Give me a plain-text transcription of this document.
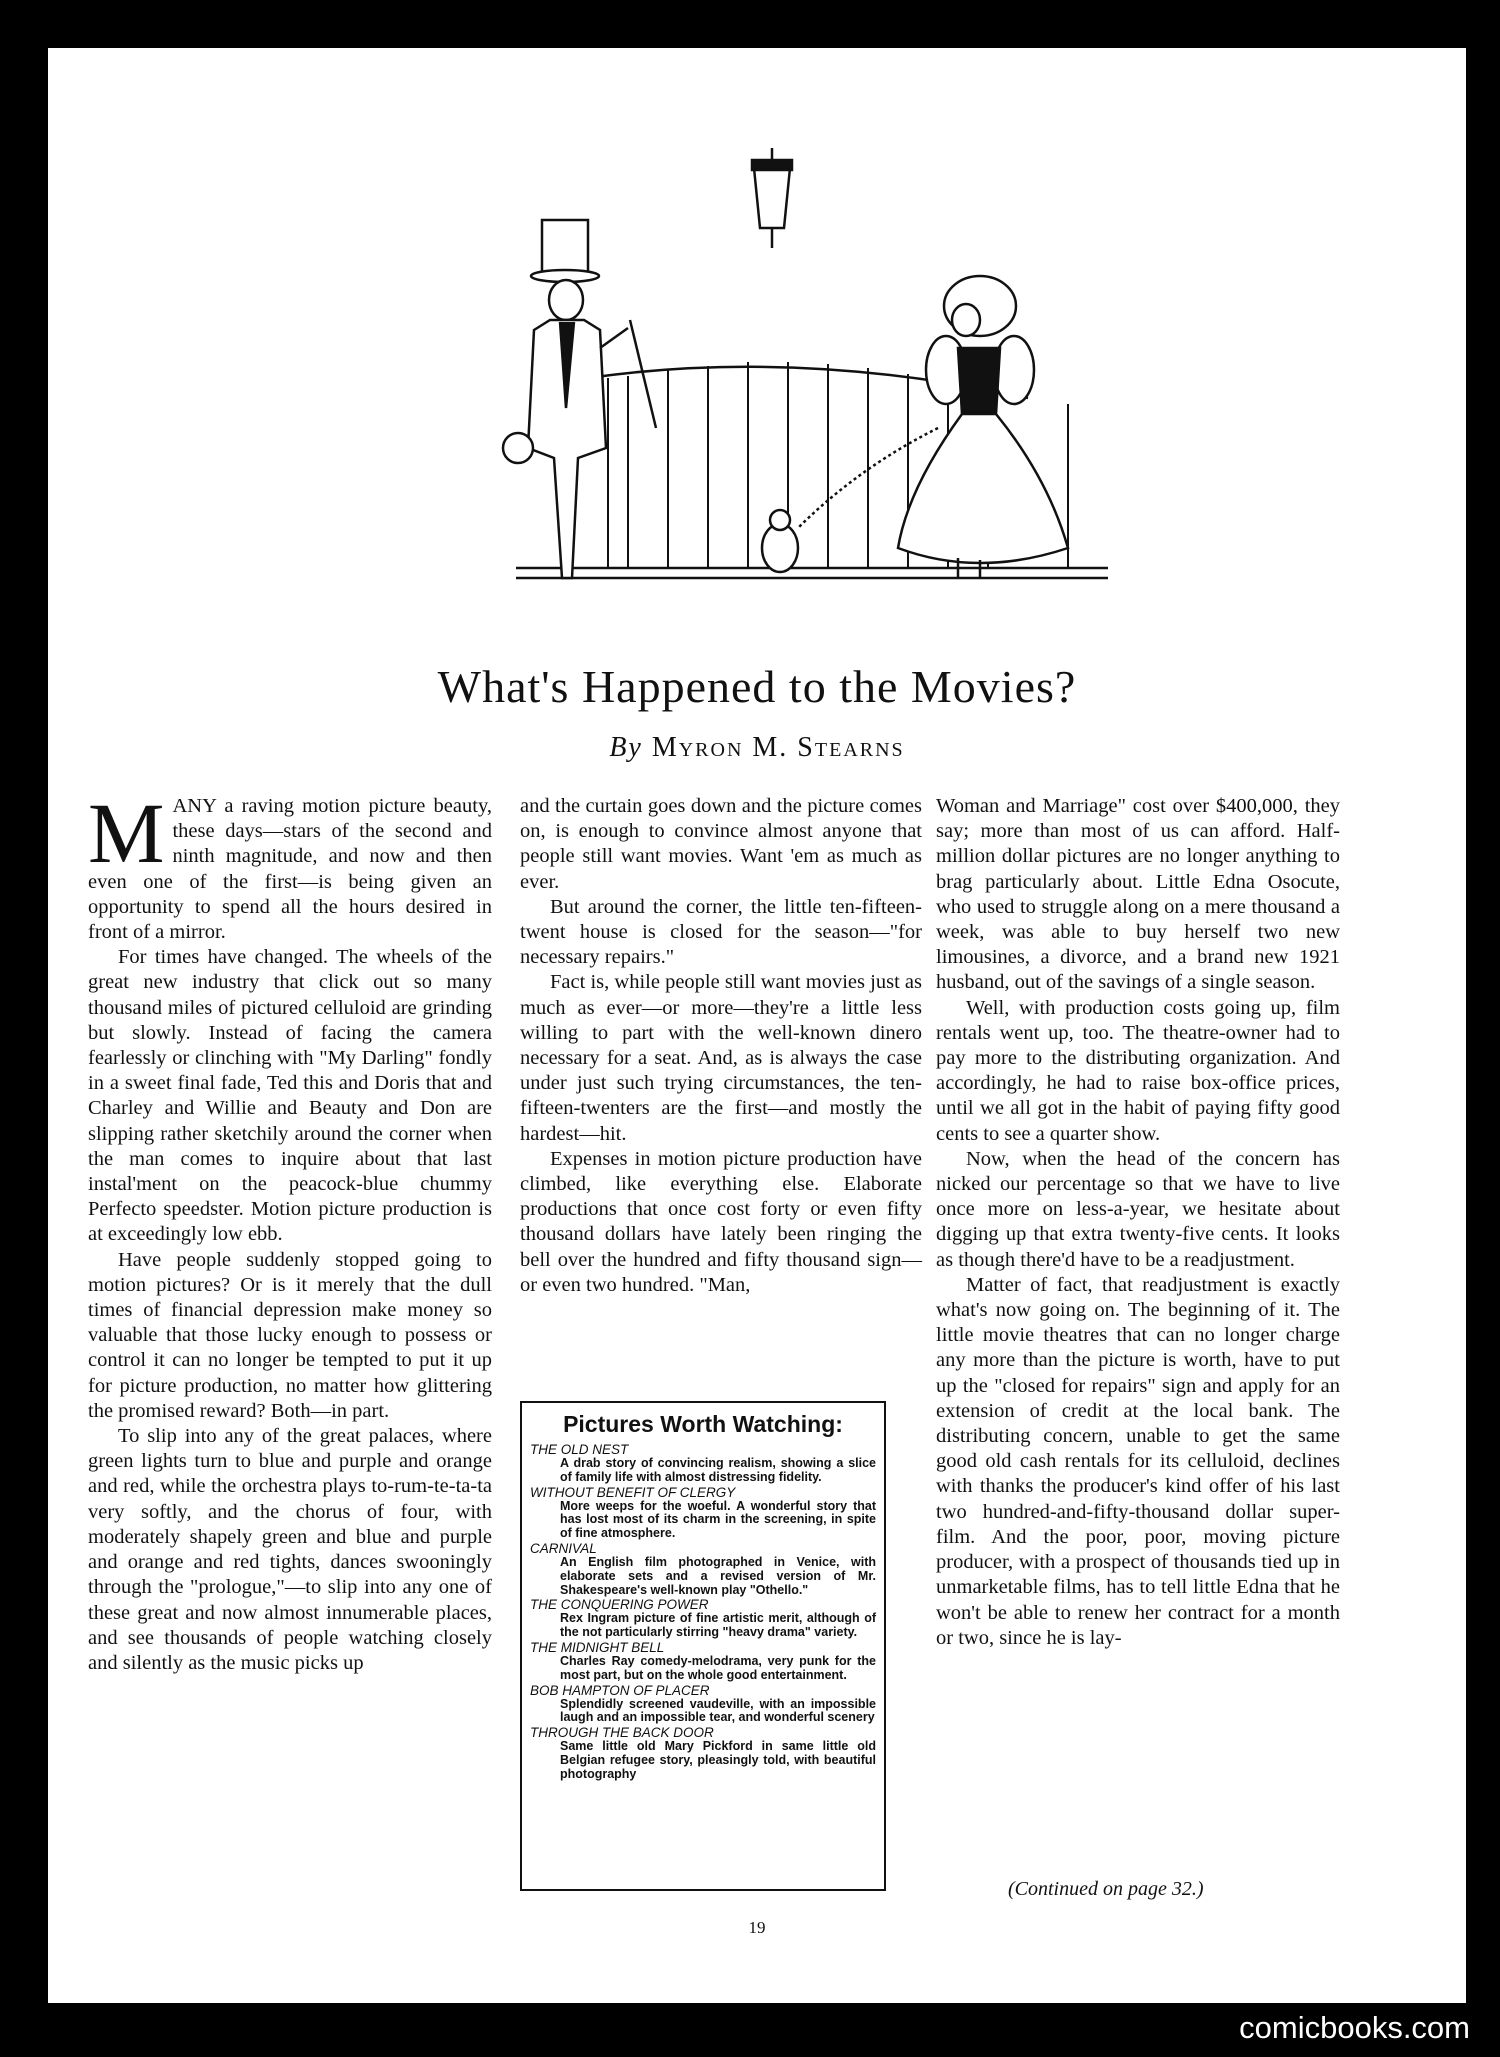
What's Happened to the Movies?
By Myron M. Stearns
M ANY a raving motion picture beauty, these days—stars of the second and ninth magnitude, and now and then even one of the first—is being given an opportunity to spend all the hours desired in front of a mirror.

For times have changed. The wheels of the great new industry that click out so many thousand miles of pictured celluloid are grinding but slowly. Instead of facing the camera fearlessly or clinching with "My Darling" fondly in a sweet final fade, Ted this and Doris that and Charley and Willie and Beauty and Don are slipping rather sketchily around the corner when the man comes to inquire about that last instal'ment on the peacock-blue chummy Perfecto speedster. Motion picture production is at exceedingly low ebb.

Have people suddenly stopped going to motion pictures? Or is it merely that the dull times of financial depression make money so valuable that those lucky enough to possess or control it can no longer be tempted to put it up for picture production, no matter how glittering the promised reward? Both—in part.

To slip into any of the great palaces, where green lights turn to blue and purple and orange and red, while the orchestra plays to-rum-te-ta-ta very softly, and the chorus of four, with moderately shapely green and blue and purple and orange and red tights, dances swooningly through the "prologue,"—to slip into any one of these great and now almost innumerable places, and see thousands of people watching closely and silently as the music picks up

and the curtain goes down and the picture comes on, is enough to convince almost anyone that people still want movies. Want 'em as much as ever.

But around the corner, the little ten-fifteen-twent house is closed for the season—"for necessary repairs."

Fact is, while people still want movies just as much as ever—or more—they're a little less willing to part with the well-known dinero necessary for a seat. And, as is always the case under just such trying circumstances, the ten-fifteen-twenters are the first—and mostly the hardest—hit.

Expenses in motion picture production have climbed, like everything else. Elaborate productions that once cost forty or even fifty thousand dollars have lately been ringing the bell over the hundred and fifty thousand sign—or even two hundred. "Man,

Pictures Worth Watching:
THE OLD NEST
A drab story of convincing realism, showing a slice of family life with almost distressing fidelity.
WITHOUT BENEFIT OF CLERGY
More weeps for the woeful. A wonderful story that has lost most of its charm in the screening, in spite of fine atmosphere.
CARNIVAL
An English film photographed in Venice, with elaborate sets and a revised version of Mr. Shakespeare's well-known play "Othello."
THE CONQUERING POWER
Rex Ingram picture of fine artistic merit, although of the not particularly stirring "heavy drama" variety.
THE MIDNIGHT BELL
Charles Ray comedy-melodrama, very punk for the most part, but on the whole good entertainment.
BOB HAMPTON OF PLACER
Splendidly screened vaudeville, with an impossible laugh and an impossible tear, and wonderful scenery
THROUGH THE BACK DOOR
Same little old Mary Pickford in same little old Belgian refugee story, pleasingly told, with beautiful photography

Woman and Marriage" cost over $400,000, they say; more than most of us can afford. Half-million dollar pictures are no longer anything to brag particularly about. Little Edna Osocute, who used to struggle along on a mere thousand a week, was able to buy herself two new limousines, a divorce, and a brand new 1921 husband, out of the savings of a single season.

Well, with production costs going up, film rentals went up, too. The theatre-owner had to pay more to the distributing organization. And accordingly, he had to raise box-office prices, until we all got in the habit of paying fifty good cents to see a quarter show.

Now, when the head of the concern has nicked our percentage so that we have to live once more on less-a-year, we hesitate about digging up that extra twenty-five cents. It looks as though there'd have to be a readjustment.

Matter of fact, that readjustment is exactly what's now going on. The beginning of it. The little movie theatres that can no longer charge any more than the picture is worth, have to put up the "closed for repairs" sign and apply for an extension of credit at the local bank. The distributing concern, unable to get the same good old cash rentals for its celluloid, declines with thanks the producer's kind offer of his last two hundred-and-fifty-thousand dollar super-film. And the poor, poor, moving picture producer, with a prospect of thousands tied up in unmarketable films, has to tell little Edna that he won't be able to renew her contract for a month or two, since he is lay-

(Continued on page 32.)
19
comicbooks.com
